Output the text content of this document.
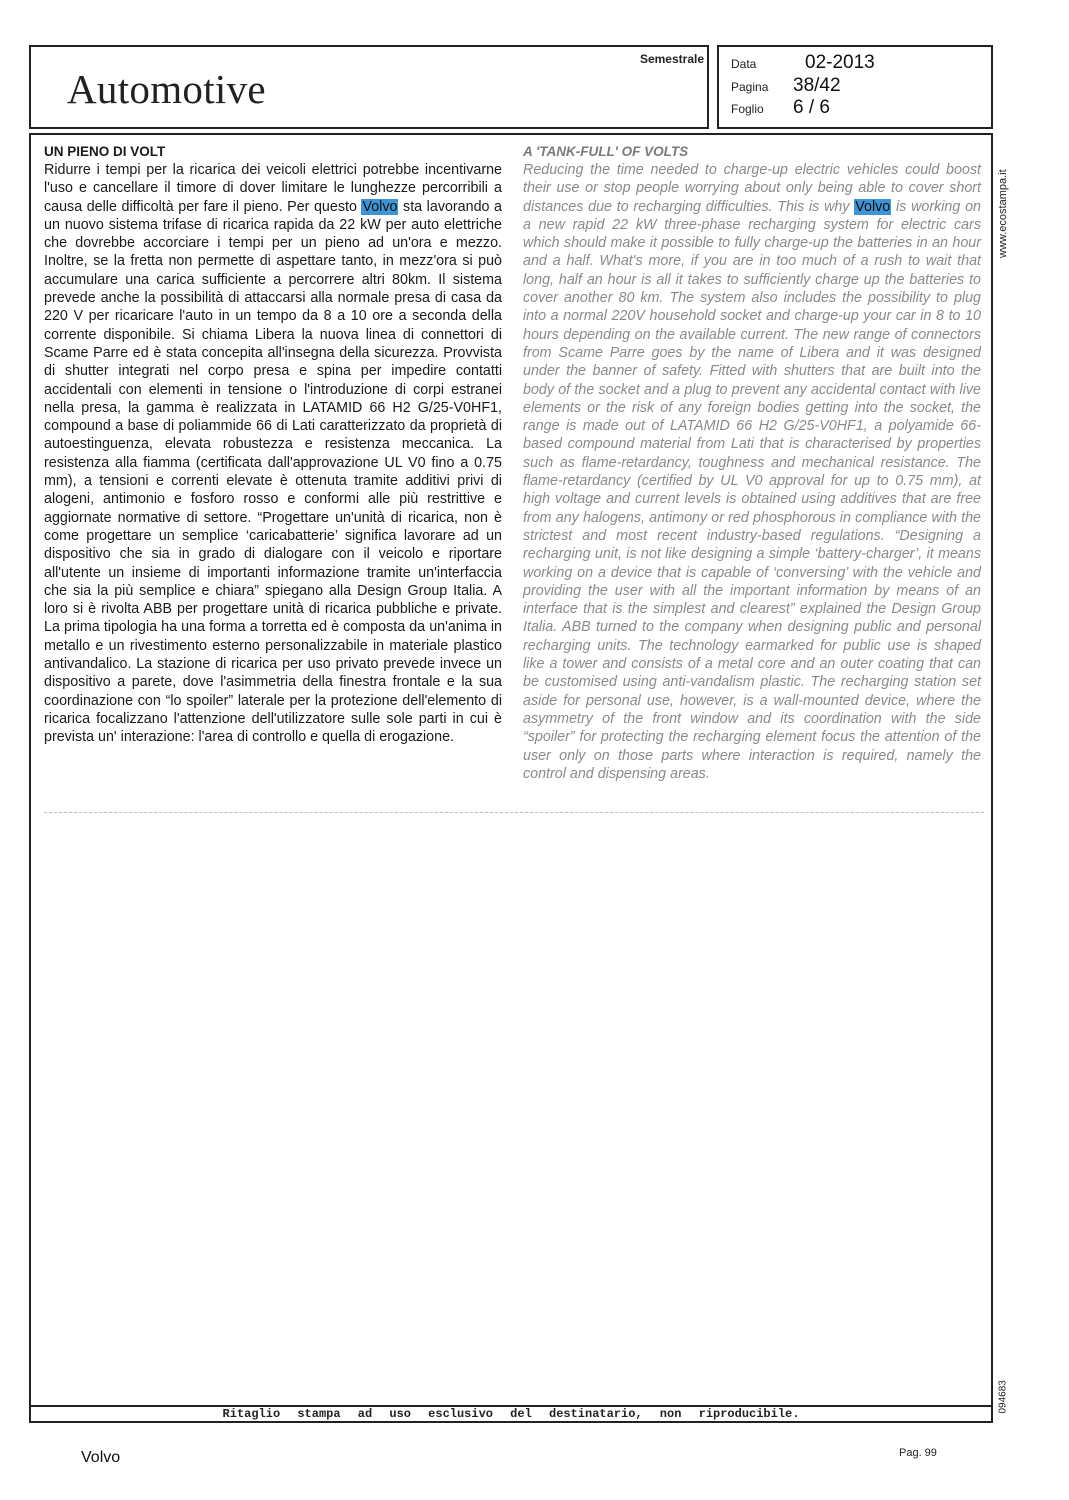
Automotive
Semestrale Data	02-2013
Pagina 38/42
Foglio 6 / 6
UN PIENO DI VOLT

Ridurre i tempi per la ricarica dei veicoli elettrici potrebbe incentivarne l'uso e cancellare il timore di dover limitare le lunghezze percorribili a causa delle difficoltà per fare il pieno. Per questo Volvo sta lavorando a un nuovo sistema trifase di ricarica rapida da 22 kW per auto elettriche che dovrebbe accorciare i tempi per un pieno ad un'ora e mezzo. Inoltre, se la fretta non permette di aspettare tanto, in mezz'ora si può accumulare una carica sufficiente a percorrere altri 80km. Il sistema prevede anche la possibilità di attaccarsi alla normale presa di casa da 220 V per ricaricare l'auto in un tempo da 8 a 10 ore a seconda della corrente disponibile. Si chiama Libera la nuova linea di connettori di Scame Parre ed è stata concepita all'insegna della sicurezza. Provvista di shutter integrati nel corpo presa e spina per impedire contatti accidentali con elementi in tensione o l'introduzione di corpi estranei nella presa, la gamma è realizzata in LATAMID 66 H2 G/25-V0HF1, compound a base di poliammide 66 di Lati caratterizzato da proprietà di autoestinguenza, elevata robustezza e resistenza meccanica. La resistenza alla fiamma (certificata dall'approvazione UL V0 fino a 0.75 mm), a tensioni e correnti elevate è ottenuta tramite additivi privi di alogeni, antimonio e fosforo rosso e conformi alle più restrittive e aggiornate normative di settore. “Progettare un'unità di ricarica, non è come progettare un semplice ‘caricabatterie’ significa lavorare ad un dispositivo che sia in grado di dialogare con il veicolo e riportare all'utente un insieme di importanti informazione tramite un'interfaccia che sia la più semplice e chiara” spiegano alla Design Group Italia. A loro si è rivolta ABB per progettare unità di ricarica pubbliche e private. La prima tipologia ha una forma a torretta ed è composta da un'anima in metallo e un rivestimento esterno personalizzabile in materiale plastico antivandalico. La stazione di ricarica per uso privato prevede invece un dispositivo a parete, dove l'asimmetria della finestra frontale e la sua coordinazione con “lo spoiler” laterale per la protezione dell'elemento di ricarica focalizzano l'attenzione dell'utilizzatore sulle sole parti in cui è prevista un' interazione: l'area di controllo e quella di erogazione.

A 'TANK-FULL' OF VOLTS

Reducing the time needed to charge-up electric vehicles could boost their use or stop people worrying about only being able to cover short distances due to recharging difficulties. This is why Volvo is working on a new rapid 22 kW three-phase recharging system for electric cars which should make it possible to fully charge-up the batteries in an hour and a half. What's more, if you are in too much of a rush to wait that long, half an hour is all it takes to sufficiently charge up the batteries to cover another 80 km. The system also includes the possibility to plug into a normal 220V household socket and charge-up your car in 8 to 10 hours depending on the available current. The new range of connectors from Scame Parre goes by the name of Libera and it was designed under the banner of safety. Fitted with shutters that are built into the body of the socket and a plug to prevent any accidental contact with live elements or the risk of any foreign bodies getting into the socket, the range is made out of LATAMID 66 H2 G/25-V0HF1, a polyamide 66-based compound material from Lati that is characterised by properties such as flame-retardancy, toughness and mechanical resistance. The flame-retardancy (certified by UL V0 approval for up to 0.75 mm), at high voltage and current levels is obtained using additives that are free from any halogens, antimony or red phosphorous in compliance with the strictest and most recent industry-based regulations. “Designing a recharging unit, is not like designing a simple ‘battery-charger’, it means working on a device that is capable of ‘conversing’ with the vehicle and providing the user with all the important information by means of an interface that is the simplest and clearest” explained the Design Group Italia. ABB turned to the company when designing public and personal recharging units. The technology earmarked for public use is shaped like a tower and consists of a metal core and an outer coating that can be customised using anti-vandalism plastic. The recharging station set aside for personal use, however, is a wall-mounted device, where the asymmetry of the front window and its coordination with the side “spoiler” for protecting the recharging element focus the attention of the user only on those parts where interaction is required, namely the control and dispensing areas.

www.ecostampa.it
094683
Ritaglio stampa ad uso esclusivo del destinatario, non riproducibile.
Volvo	Pag. 99
